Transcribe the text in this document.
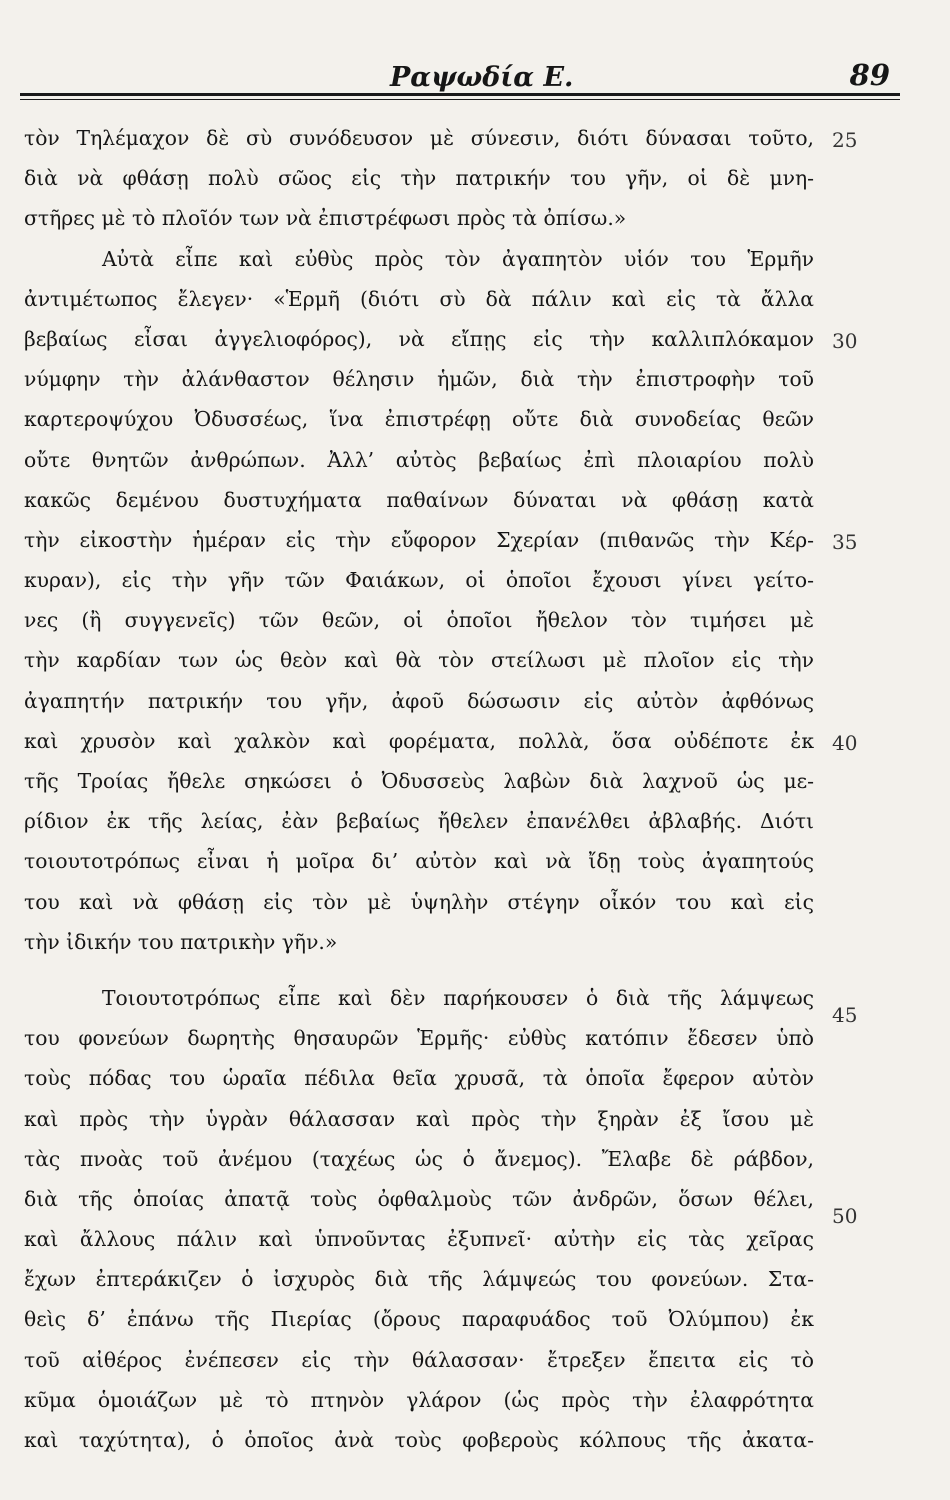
Ραψωδία Ε.	89
τὸν Τηλέμαχον δὲ σὺ συνόδευσον μὲ σύνεσιν, διότι δύνασαι τοῦτο,
διὰ νὰ φθάσῃ πολὺ σῶος εἰς τὴν πατρικήν του γῆν, οἱ δὲ μνη-
στῆρες μὲ τὸ πλοῖόν των νὰ ἐπιστρέφωσι πρὸς τὰ ὀπίσω.»
Αὐτὰ εἶπε καὶ εὐθὺς πρὸς τὸν ἀγαπητὸν υἱόν του Ἑρμῆν
ἀντιμέτωπος ἔλεγεν· «Ἑρμῆ (διότι σὺ δὰ πάλιν καὶ εἰς τὰ ἄλλα
βεβαίως εἶσαι ἀγγελιοφόρος), νὰ εἴπῃς εἰς τὴν καλλιπλόκαμον
νύμφην τὴν ἀλάνθαστον θέλησιν ἡμῶν, διὰ τὴν ἐπιστροφὴν τοῦ
καρτεροψύχου Ὀδυσσέως, ἵνα ἐπιστρέφῃ οὔτε διὰ συνοδείας θεῶν
οὔτε θνητῶν ἀνθρώπων. Ἀλλ’ αὐτὸς βεβαίως ἐπὶ πλοιαρίου πολὺ
κακῶς δεμένου δυστυχήματα παθαίνων δύναται νὰ φθάσῃ κατὰ
τὴν εἰκοστὴν ἡμέραν εἰς τὴν εὔφορον Σχερίαν (πιθανῶς τὴν Κέρ-
κυραν), εἰς τὴν γῆν τῶν Φαιάκων, οἱ ὁποῖοι ἔχουσι γίνει γείτο-
νες (ἢ συγγενεῖς) τῶν θεῶν, οἱ ὁποῖοι ἤθελον τὸν τιμήσει μὲ
τὴν καρδίαν των ὡς θεὸν καὶ θὰ τὸν στείλωσι μὲ πλοῖον εἰς τὴν
ἀγαπητήν πατρικήν του γῆν, ἀφοῦ δώσωσιν εἰς αὐτὸν ἀφθόνως
καὶ χρυσὸν καὶ χαλκὸν καὶ φορέματα, πολλὰ, ὅσα οὐδέποτε ἐκ
τῆς Τροίας ἤθελε σηκώσει ὁ Ὀδυσσεὺς λαβὼν διὰ λαχνοῦ ὡς με-
ρίδιον ἐκ τῆς λείας, ἐὰν βεβαίως ἤθελεν ἐπανέλθει ἀβλαβής. Διότι
τοιουτοτρόπως εἶναι ἡ μοῖρα δι’ αὐτὸν καὶ νὰ ἴδῃ τοὺς ἀγαπητούς
του καὶ νὰ φθάσῃ εἰς τὸν μὲ ὑψηλὴν στέγην οἶκόν του καὶ εἰς
τὴν ἰδικήν του πατρικὴν γῆν.»
Τοιουτοτρόπως εἶπε καὶ δὲν παρήκουσεν ὁ διὰ τῆς λάμψεως
του φονεύων δωρητὴς θησαυρῶν Ἑρμῆς· εὐθὺς κατόπιν ἔδεσεν ὑπὸ
τοὺς πόδας του ὡραῖα πέδιλα θεῖα χρυσᾶ, τὰ ὁποῖα ἔφερον αὐτὸν
καὶ πρὸς τὴν ὑγρὰν θάλασσαν καὶ πρὸς τὴν ξηρὰν ἐξ ἴσου μὲ
τὰς πνοὰς τοῦ ἀνέμου (ταχέως ὡς ὁ ἄνεμος). Ἔλαβε δὲ ράβδον,
διὰ τῆς ὁποίας ἀπατᾷ τοὺς ὀφθαλμοὺς τῶν ἀνδρῶν, ὅσων θέλει,
καὶ ἄλλους πάλιν καὶ ὑπνοῦντας ἐξυπνεῖ· αὐτὴν εἰς τὰς χεῖρας
ἔχων ἐπτεράκιζεν ὁ ἰσχυρὸς διὰ τῆς λάμψεώς του φονεύων. Στα-
θεὶς δ’ ἐπάνω τῆς Πιερίας (ὄρους παραφυάδος τοῦ Ὀλύμπου) ἐκ
τοῦ αἰθέρος ἐνέπεσεν εἰς τὴν θάλασσαν· ἔτρεξεν ἔπειτα εἰς τὸ
κῦμα ὁμοιάζων μὲ τὸ πτηνὸν γλάρον (ὡς πρὸς τὴν ἐλαφρότητα
καὶ ταχύτητα), ὁ ὁποῖος ἀνὰ τοὺς φοβεροὺς κόλπους τῆς ἀκατα-
25
30
35
40
45
50
